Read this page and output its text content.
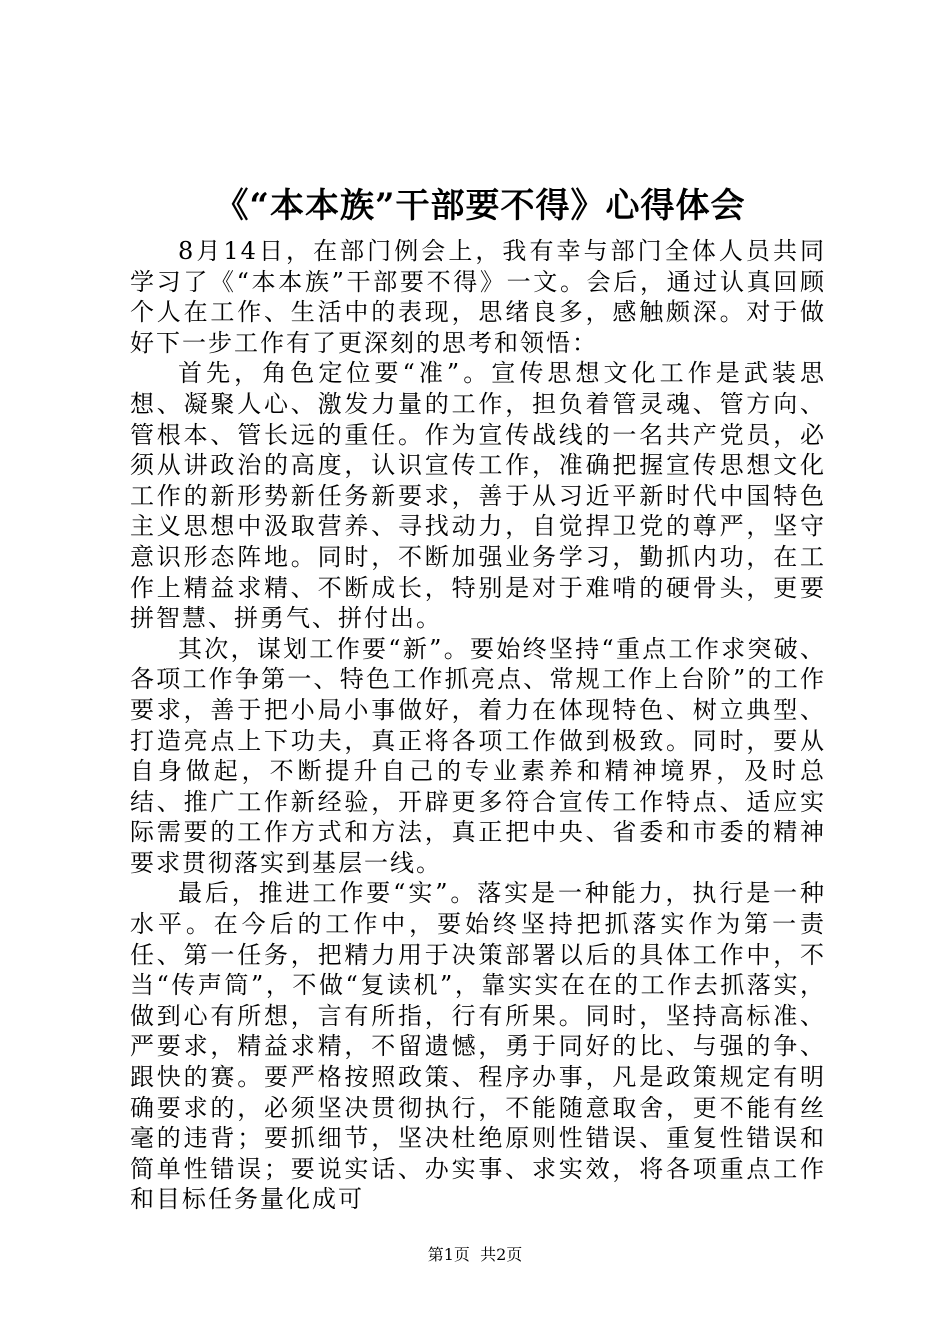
《“本本族”干部要不得》心得体会

8月14日，在部门例会上，我有幸与部门全体人员共同学习了《“本本族”干部要不得》一文。会后，通过认真回顾个人在工作、生活中的表现，思绪良多，感触颇深。对于做好下一步工作有了更深刻的思考和领悟：

首先，角色定位要“准”。宣传思想文化工作是武装思想、凝聚人心、激发力量的工作，担负着管灵魂、管方向、管根本、管长远的重任。作为宣传战线的一名共产党员，必须从讲政治的高度，认识宣传工作，准确把握宣传思想文化工作的新形势新任务新要求，善于从习近平新时代中国特色主义思想中汲取营养、寻找动力，自觉捍卫党的尊严，坚守意识形态阵地。同时，不断加强业务学习，勤抓内功，在工作上精益求精、不断成长，特别是对于难啃的硬骨头，更要拼智慧、拼勇气、拼付出。

其次，谋划工作要“新”。要始终坚持“重点工作求突破、各项工作争第一、特色工作抓亮点、常规工作上台阶”的工作要求，善于把小局小事做好，着力在体现特色、树立典型、打造亮点上下功夫，真正将各项工作做到极致。同时，要从自身做起，不断提升自己的专业素养和精神境界，及时总结、推广工作新经验，开辟更多符合宣传工作特点、适应实际需要的工作方式和方法，真正把中央、省委和市委的精神要求贯彻落实到基层一线。

最后，推进工作要“实”。落实是一种能力，执行是一种水平。在今后的工作中，要始终坚持把抓落实作为第一责任、第一任务，把精力用于决策部署以后的具体工作中，不当“传声筒”，不做“复读机”，靠实实在在的工作去抓落实，做到心有所想，言有所指，行有所果。同时，坚持高标准、严要求，精益求精，不留遗憾，勇于同好的比、与强的争、跟快的赛。要严格按照政策、程序办事，凡是政策规定有明确要求的，必须坚决贯彻执行，不能随意取舍，更不能有丝毫的违背；要抓细节，坚决杜绝原则性错误、重复性错误和简单性错误；要说实话、办实事、求实效，将各项重点工作和目标任务量化成可

第1页  共2页
